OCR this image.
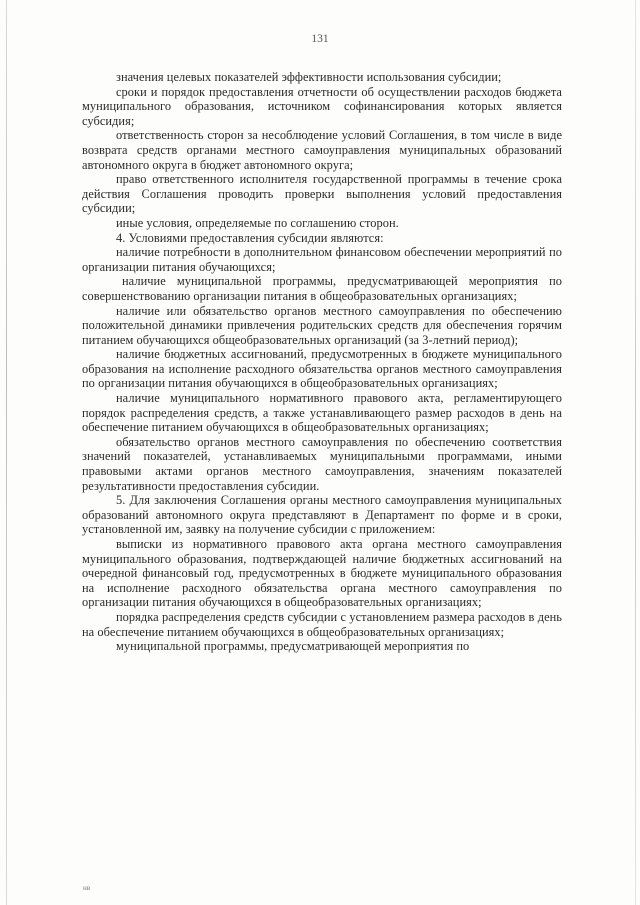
131

значения целевых показателей эффективности использования субсидии;

сроки и порядок предоставления отчетности об осуществлении расходов бюджета муниципального образования, источником софинансирования которых является субсидия;

ответственность сторон за несоблюдение условий Соглашения, в том числе в виде возврата средств органами местного самоуправления муниципальных образований автономного округа в бюджет автономного округа;

право ответственного исполнителя государственной программы в течение срока действия Соглашения проводить проверки выполнения условий предоставления субсидии;

иные условия, определяемые по соглашению сторон.

4. Условиями предоставления субсидии являются:

наличие потребности в дополнительном финансовом обеспечении мероприятий по организации питания обучающихся;

наличие муниципальной программы, предусматривающей мероприятия по совершенствованию организации питания в общеобразовательных организациях;

наличие или обязательство органов местного самоуправления по обеспечению положительной динамики привлечения родительских средств для обеспечения горячим питанием обучающихся общеобразовательных организаций (за 3-летний период);

наличие бюджетных ассигнований, предусмотренных в бюджете муниципального образования на исполнение расходного обязательства органов местного самоуправления по организации питания обучающихся в общеобразовательных организациях;

наличие муниципального нормативного правового акта, регламентирующего порядок распределения средств, а также устанавливающего размер расходов в день на обеспечение питанием обучающихся в общеобразовательных организациях;

обязательство органов местного самоуправления по обеспечению соответствия значений показателей, устанавливаемых муниципальными программами, иными правовыми актами органов местного самоуправления, значениям показателей результативности предоставления субсидии.

5. Для заключения Соглашения органы местного самоуправления муниципальных образований автономного округа представляют в Департамент по форме и в сроки, установленной им, заявку на получение субсидии с приложением:

выписки из нормативного правового акта органа местного самоуправления муниципального образования, подтверждающей наличие бюджетных ассигнований на очередной финансовый год, предусмотренных в бюджете муниципального образования на исполнение расходного обязательства органа местного самоуправления по организации питания обучающихся в общеобразовательных организациях;

порядка распределения средств субсидии с установлением размера расходов в день на обеспечение питанием обучающихся в общеобразовательных организациях;

муниципальной программы, предусматривающей мероприятия по

нв
